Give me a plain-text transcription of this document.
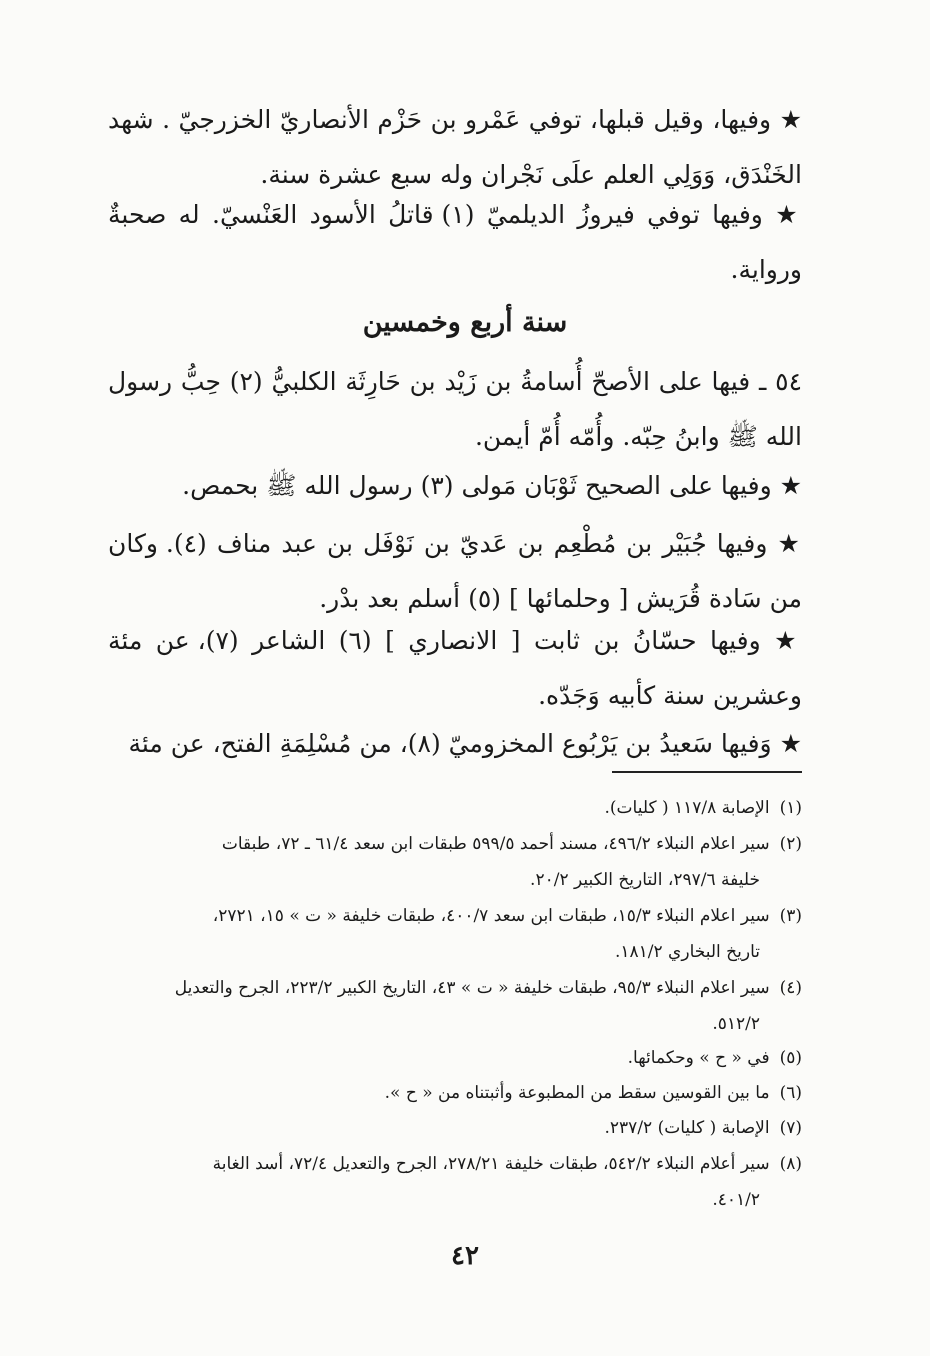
★ وفيها، وقيل قبلها، توفي عَمْرو بن حَزْم الأنصاريّ الخزرجيّ . شهد الخَنْدَق، وَوَلِي العلم علَى نَجْران وله سبع عشرة سنة.

★ وفيها توفي فيروزُ الديلميّ (١) قاتلُ الأسود العَنْسيّ. له صحبةٌ ورواية.

سنة أربع وخمسين

٥٤ ـ فيها على الأصحّ أُسامةُ بن زَيْد بن حَارِثَة الكلبيُّ (٢) حِبُّ رسول الله ﷺ وابنُ حِبّه. وأُمّه أُمّ أيمن.

★ وفيها على الصحيح ثَوْبَان مَولى (٣) رسول الله ﷺ بحمص.

★ وفيها جُبَيْر بن مُطْعِم بن عَديّ بن نَوْفَل بن عبد مناف (٤). وكان من سَادة قُرَيش [ وحلمائها ] (٥) أسلم بعد بدْر.

★ وفيها حسّانُ بن ثابت [ الانصاري ] (٦) الشاعر (٧)، عن مئة وعشرين سنة كأبيه وَجَدّه.

★ وَفيها سَعيدُ بن يَرْبُوع المخزوميّ (٨)، من مُسْلِمَةِ الفتح، عن مئة

(١)الإصابة ١١٧/٨ ( كليات).
(٢)سير اعلام النبلاء ٤٩٦/٢، مسند أحمد ٥٩٩/٥ طبقات ابن سعد ٦١/٤ ـ ٧٢، طبقات
خليفة ٢٩٧/٦، التاريخ الكبير ٢٠/٢.
(٣)سير اعلام النبلاء ١٥/٣، طبقات ابن سعد ٤٠٠/٧، طبقات خليفة « ت » ١٥، ٢٧٢١،
تاريخ البخاري ١٨١/٢.
(٤)سير اعلام النبلاء ٩٥/٣، طبقات خليفة « ت » ٤٣، التاريخ الكبير ٢٢٣/٢، الجرح والتعديل
٥١٢/٢.
(٥)في « ح » وحكمائها.
(٦)ما بين القوسين سقط من المطبوعة وأثبتناه من « ح ».
(٧)الإصابة ( كليات) ٢٣٧/٢.
(٨)سير أعلام النبلاء ٥٤٢/٢، طبقات خليفة ٢٧٨/٢١، الجرح والتعديل ٧٢/٤، أسد الغابة
٤٠١/٢.
٤٢
